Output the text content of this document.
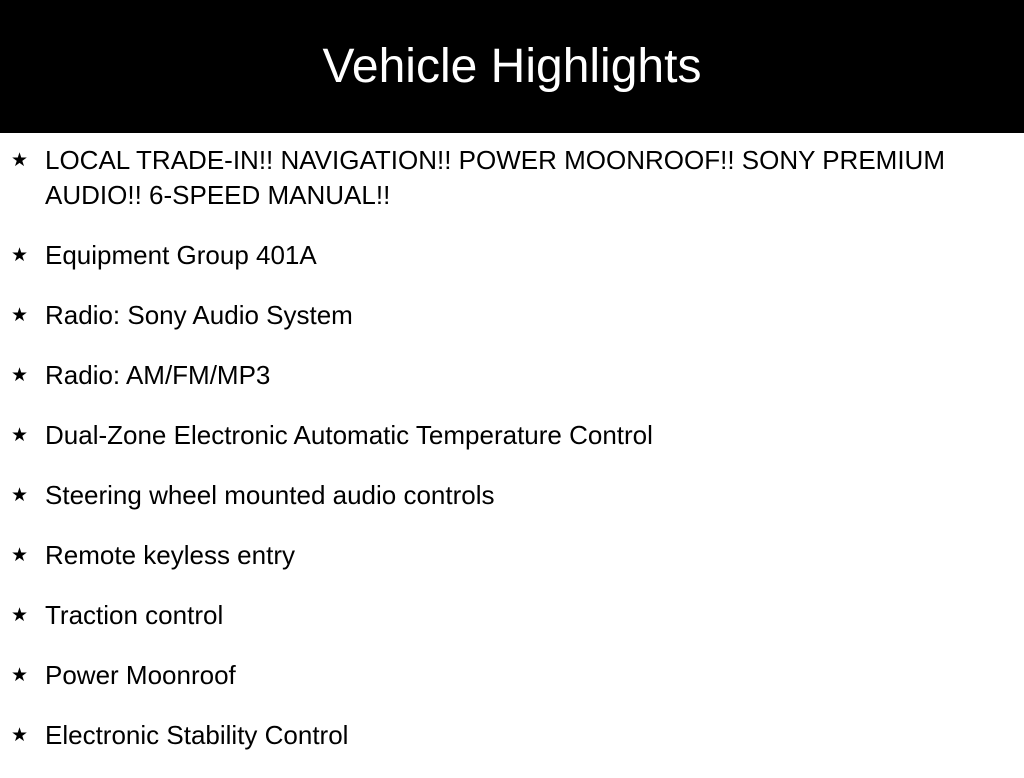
Vehicle Highlights
★ LOCAL TRADE-IN!! NAVIGATION!! POWER MOONROOF!! SONY PREMIUM AUDIO!! 6-SPEED MANUAL!!
★ Equipment Group 401A
★ Radio: Sony Audio System
★ Radio: AM/FM/MP3
★ Dual-Zone Electronic Automatic Temperature Control
★ Steering wheel mounted audio controls
★ Remote keyless entry
★ Traction control
★ Power Moonroof
★ Electronic Stability Control
